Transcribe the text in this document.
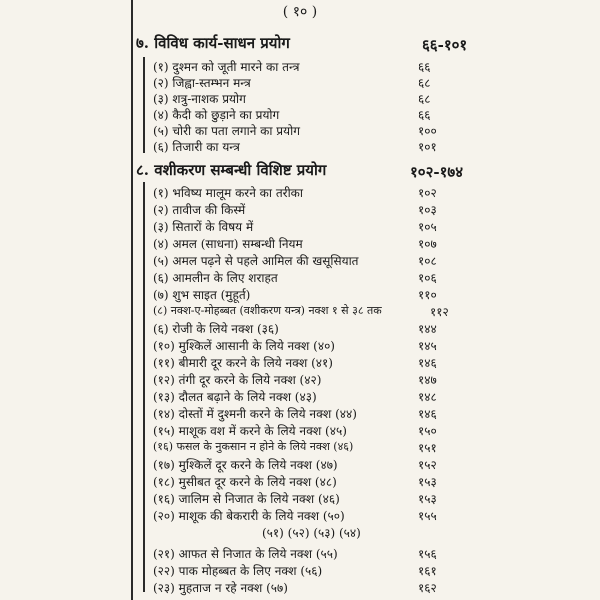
( १० )
७. विविध कार्य-साधन प्रयोग	६६-१०१
(१) दुश्मन को जूती मारने का तन्त्र	६६
(२) जिह्वा-स्तम्भन मन्त्र	६८
(३) शत्रु-नाशक प्रयोग	६८
(४) कैदी को छुड़ाने का प्रयोग	६६
(५) चोरी का पता लगाने का प्रयोग	१००
(६) तिजारी का यन्त्र	१०१
८. वशीकरण सम्बन्धी विशिष्ट प्रयोग	१०२-१७४
(१) भविष्य मालूम करने का तरीका	१०२
(२) तावीज की किस्में	१०३
(३) सितारों के विषय में	१०५
(४) अमल (साधना) सम्बन्धी नियम	१०७
(५) अमल पढ़ने से पहले आमिल की खसूसियात	१०८
(६) आमलीन के लिए शराहत	१०६
(७) शुभ साइत (मुहूर्त)	११०
(८) नक्श-ए-मोहब्बत (वशीकरण यन्त्र) नक्श १ से ३८ तक	११२
(६) रोजी के लिये नक्श (३६)	१४४
(१०) मुश्किलें आसानी के लिये नक्श (४०)	१४५
(११) बीमारी दूर करने के लिये नक्श (४१)	१४६
(१२) तंगी दूर करने के लिये नक्श (४२)	१४७
(१३) दौलत बढ़ाने के लिये नक्श (४३)	१४८
(१४) दोस्तों में दुश्मनी करने के लिये नक्श (४४)	१४६
(१५) माशूक वश में करने के लिये नक्श (४५)	१५०
(१६) फसल के नुकसान न होने के लिये नक्श (४६)	१५१
(१७) मुश्किलें दूर करने के लिये नक्श (४७)	१५२
(१८) मुसीबत दूर करने के लिये नक्श (४८)	१५३
(१६) जालिम से निजात के लिये नक्श (४६)	१५३
(२०) माशूक की बेकरारी के लिये नक्श (५०)	१५५
(५१) (५२) (५३) (५४)
(२१) आफत से निजात के लिये नक्श (५५)	१५६
(२२) पाक मोहब्बत के लिए नक्श (५६)	१६१
(२३) मुहताज न रहे नक्श (५७)	१६२
